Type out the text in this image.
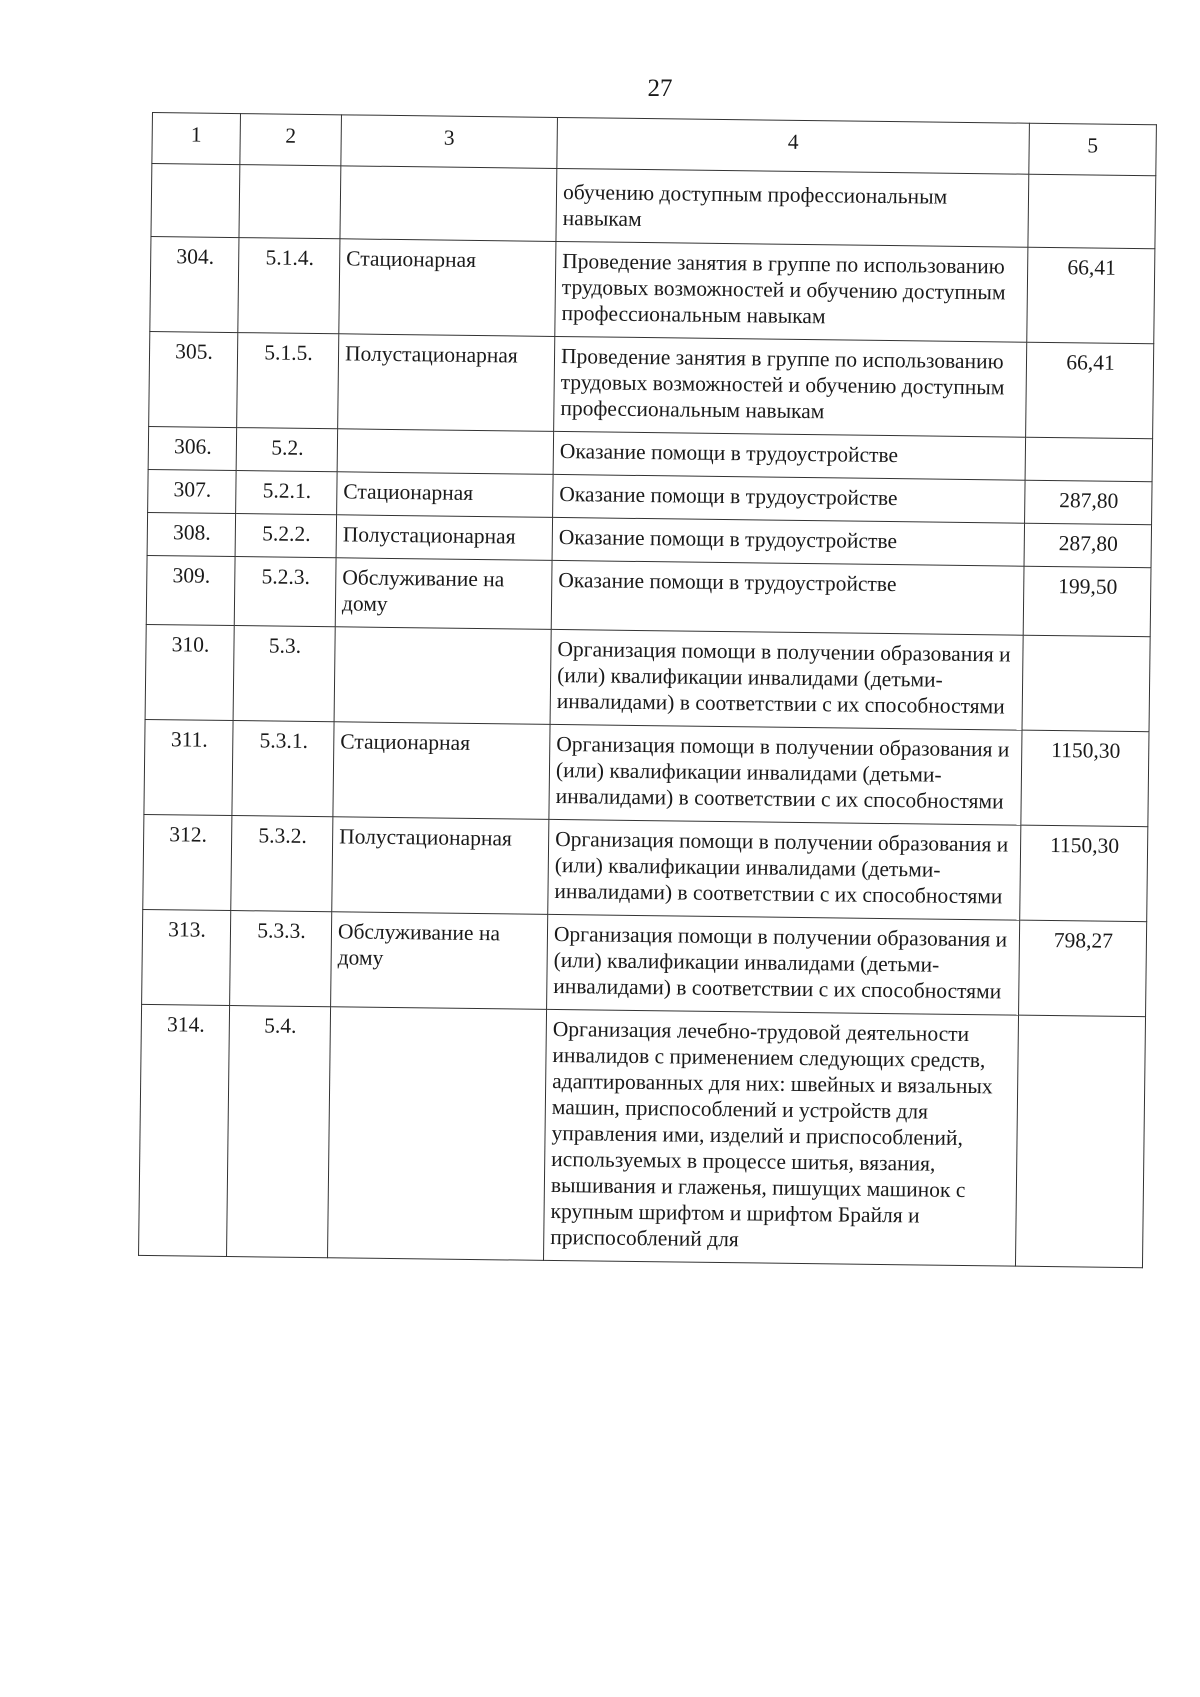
27
1	2	3	4	5
			обучению доступным профессиональным навыкам	
304.	5.1.4.	Стационарная	Проведение занятия в группе по использованию трудовых возможностей и обучению доступным профессиональным навыкам	66,41
305.	5.1.5.	Полустационарная	Проведение занятия в группе по использованию трудовых возможностей и обучению доступным профессиональным навыкам	66,41
306.	5.2.		Оказание помощи в трудоустройстве	
307.	5.2.1.	Стационарная	Оказание помощи в трудоустройстве	287,80
308.	5.2.2.	Полустационарная	Оказание помощи в трудоустройстве	287,80
309.	5.2.3.	Обслуживание на дому	Оказание помощи в трудоустройстве	199,50
310.	5.3.		Организация помощи в получении образования и (или) квалификации инвалидами (детьми-инвалидами) в соответствии с их способностями	
311.	5.3.1.	Стационарная	Организация помощи в получении образования и (или) квалификации инвалидами (детьми-инвалидами) в соответствии с их способностями	1150,30
312.	5.3.2.	Полустационарная	Организация помощи в получении образования и (или) квалификации инвалидами (детьми-инвалидами) в соответствии с их способностями	1150,30
313.	5.3.3.	Обслуживание на дому	Организация помощи в получении образования и (или) квалификации инвалидами (детьми-инвалидами) в соответствии с их способностями	798,27
314.	5.4.		Организация лечебно-трудовой деятельности инвалидов с применением следующих средств, адаптированных для них: швейных и вязальных машин, приспособлений и устройств для управления ими, изделий и приспособлений, используемых в процессе шитья, вязания, вышивания и глаженья, пишущих машинок с крупным шрифтом и шрифтом Брайля и приспособлений для	
